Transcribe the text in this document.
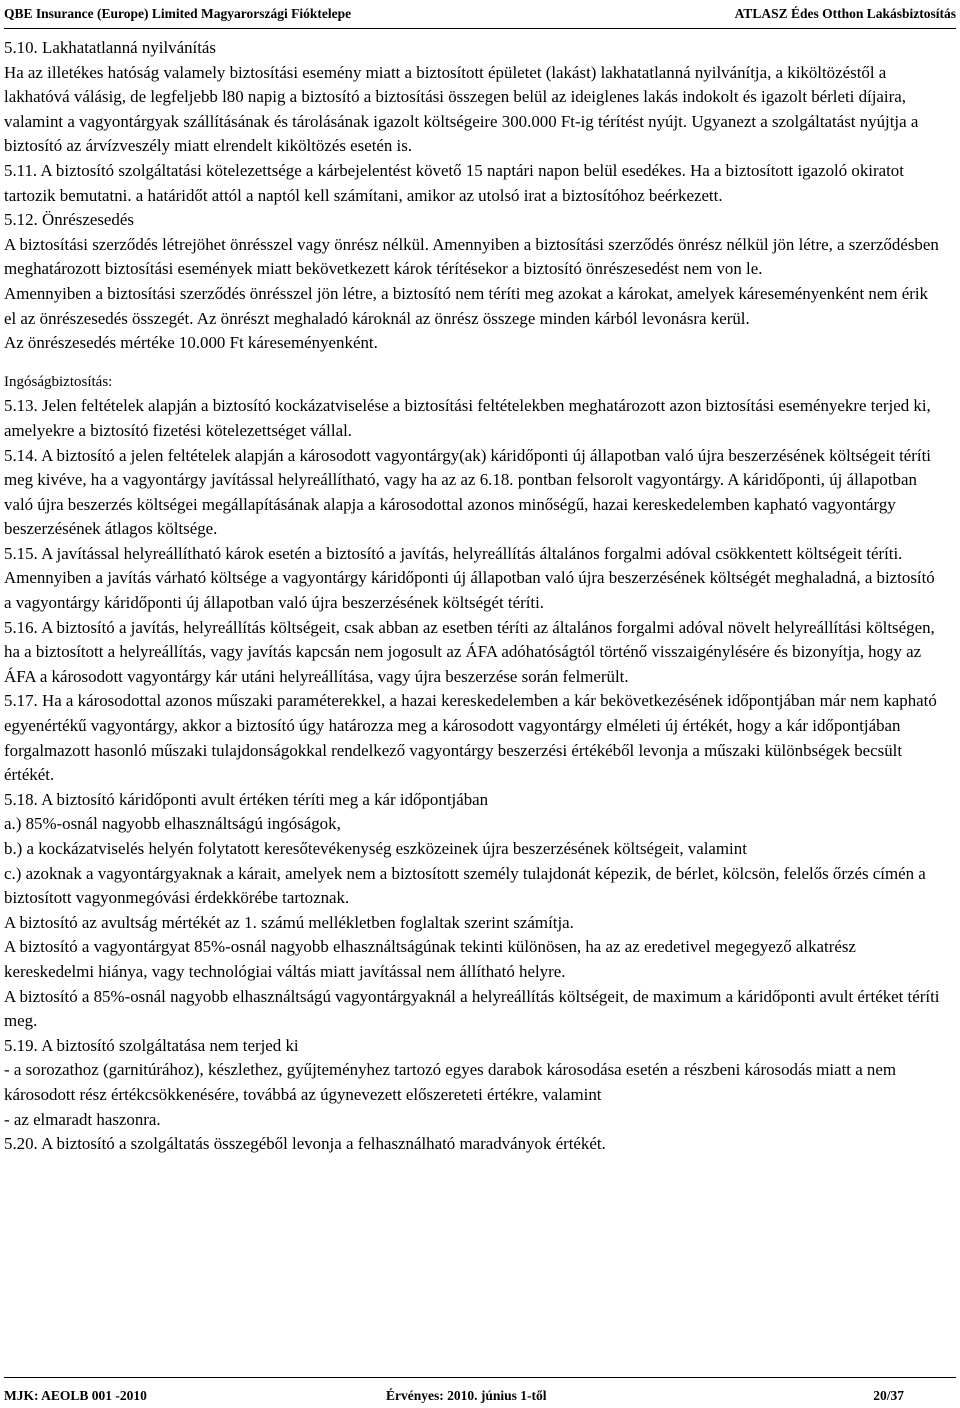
QBE Insurance (Europe) Limited Magyarországi Fióktelepe	ATLASZ Édes Otthon Lakásbiztosítás

5.10. Lakhatatlanná nyilvánítás

Ha az illetékes hatóság valamely biztosítási esemény miatt a biztosított épületet (lakást) lakhatatlanná nyilvánítja, a kiköltözéstől a lakhatóvá válásig, de legfeljebb l80 napig a biztosító a biztosítási összegen belül az ideiglenes lakás indokolt és igazolt bérleti díjaira, valamint a vagyontárgyak szállításának és tárolásának igazolt költségeire 300.000 Ft-ig térítést nyújt. Ugyanezt a szolgáltatást nyújtja a biztosító az árvízveszély miatt elrendelt kiköltözés esetén is.

5.11. A biztosító szolgáltatási kötelezettsége a kárbejelentést követő 15 naptári napon belül esedékes. Ha a biztosított igazoló okiratot tartozik bemutatni. a határidőt attól a naptól kell számítani, amikor az utolsó irat a biztosítóhoz beérkezett.

5.12. Önrészesedés

A biztosítási szerződés létrejöhet önrésszel vagy önrész nélkül. Amennyiben a biztosítási szerződés önrész nélkül jön létre, a szerződésben meghatározott biztosítási események miatt bekövetkezett károk térítésekor a biztosító önrészesedést nem von le.

Amennyiben a biztosítási szerződés önrésszel jön létre, a biztosító nem téríti meg azokat a károkat, amelyek káreseményenként nem érik el az önrészesedés összegét. Az önrészt meghaladó károknál az önrész összege minden kárból levonásra kerül.

Az önrészesedés mértéke 10.000 Ft káreseményenként.

Ingóságbiztosítás:

5.13. Jelen feltételek alapján a biztosító kockázatviselése a biztosítási feltételekben meghatározott azon biztosítási eseményekre terjed ki, amelyekre a biztosító fizetési kötelezettséget vállal.

5.14. A biztosító a jelen feltételek alapján a károsodott vagyontárgy(ak) káridőponti új állapotban való újra beszerzésének költségeit téríti meg kivéve, ha a vagyontárgy javítással helyreállítható, vagy ha az az 6.18. pontban felsorolt vagyontárgy. A káridőponti, új állapotban való újra beszerzés költségei megállapításának alapja a károsodottal azonos minőségű, hazai kereskedelemben kapható vagyontárgy beszerzésének átlagos költsége.

5.15. A javítással helyreállítható károk esetén a biztosító a javítás, helyreállítás általános forgalmi adóval csökkentett költségeit téríti. Amennyiben a javítás várható költsége a vagyontárgy káridőponti új állapotban való újra beszerzésének költségét meghaladná, a biztosító a vagyontárgy káridőponti új állapotban való újra beszerzésének költségét téríti.

5.16. A biztosító a javítás, helyreállítás költségeit, csak abban az esetben téríti az általános forgalmi adóval növelt helyreállítási költségen, ha a biztosított a helyreállítás, vagy javítás kapcsán nem jogosult az ÁFA adóhatóságtól történő visszaigénylésére és bizonyítja, hogy az ÁFA a károsodott vagyontárgy kár utáni helyreállítása, vagy újra beszerzése során felmerült.

5.17. Ha a károsodottal azonos műszaki paraméterekkel, a hazai kereskedelemben a kár bekövetkezésének időpontjában már nem kapható egyenértékű vagyontárgy, akkor a biztosító úgy határozza meg a károsodott vagyontárgy elméleti új értékét, hogy a kár időpontjában forgalmazott hasonló műszaki tulajdonságokkal rendelkező vagyontárgy beszerzési értékéből levonja a műszaki különbségek becsült értékét.

5.18. A biztosító káridőponti avult értéken téríti meg a kár időpontjában

a.) 85%-osnál nagyobb elhasználtságú ingóságok,

b.) a kockázatviselés helyén folytatott keresőtevékenység eszközeinek újra beszerzésének költségeit, valamint

c.) azoknak a vagyontárgyaknak a kárait, amelyek nem a biztosított személy tulajdonát képezik, de bérlet, kölcsön, felelős őrzés címén a biztosított vagyonmegóvási érdekkörébe tartoznak.

A biztosító az avultság mértékét az 1. számú mellékletben foglaltak szerint számítja.

A biztosító a vagyontárgyat 85%-osnál nagyobb elhasználtságúnak tekinti különösen, ha az az eredetivel megegyező alkatrész kereskedelmi hiánya, vagy technológiai váltás miatt javítással nem állítható helyre.

A biztosító a 85%-osnál nagyobb elhasználtságú vagyontárgyaknál a helyreállítás költségeit, de maximum a káridőponti avult értéket téríti meg.

5.19. A biztosító szolgáltatása nem terjed ki

- a sorozathoz (garnitúrához), készlethez, gyűjteményhez tartozó egyes darabok károsodása esetén a részbeni károsodás miatt a nem károsodott rész értékcsökkenésére, továbbá az úgynevezett előszereteti értékre, valamint

- az elmaradt haszonra.

5.20. A biztosító a szolgáltatás összegéből levonja a felhasználható maradványok értékét.

MJK: AEOLB 001 -2010	Érvényes: 2010. június 1-től	20/37
